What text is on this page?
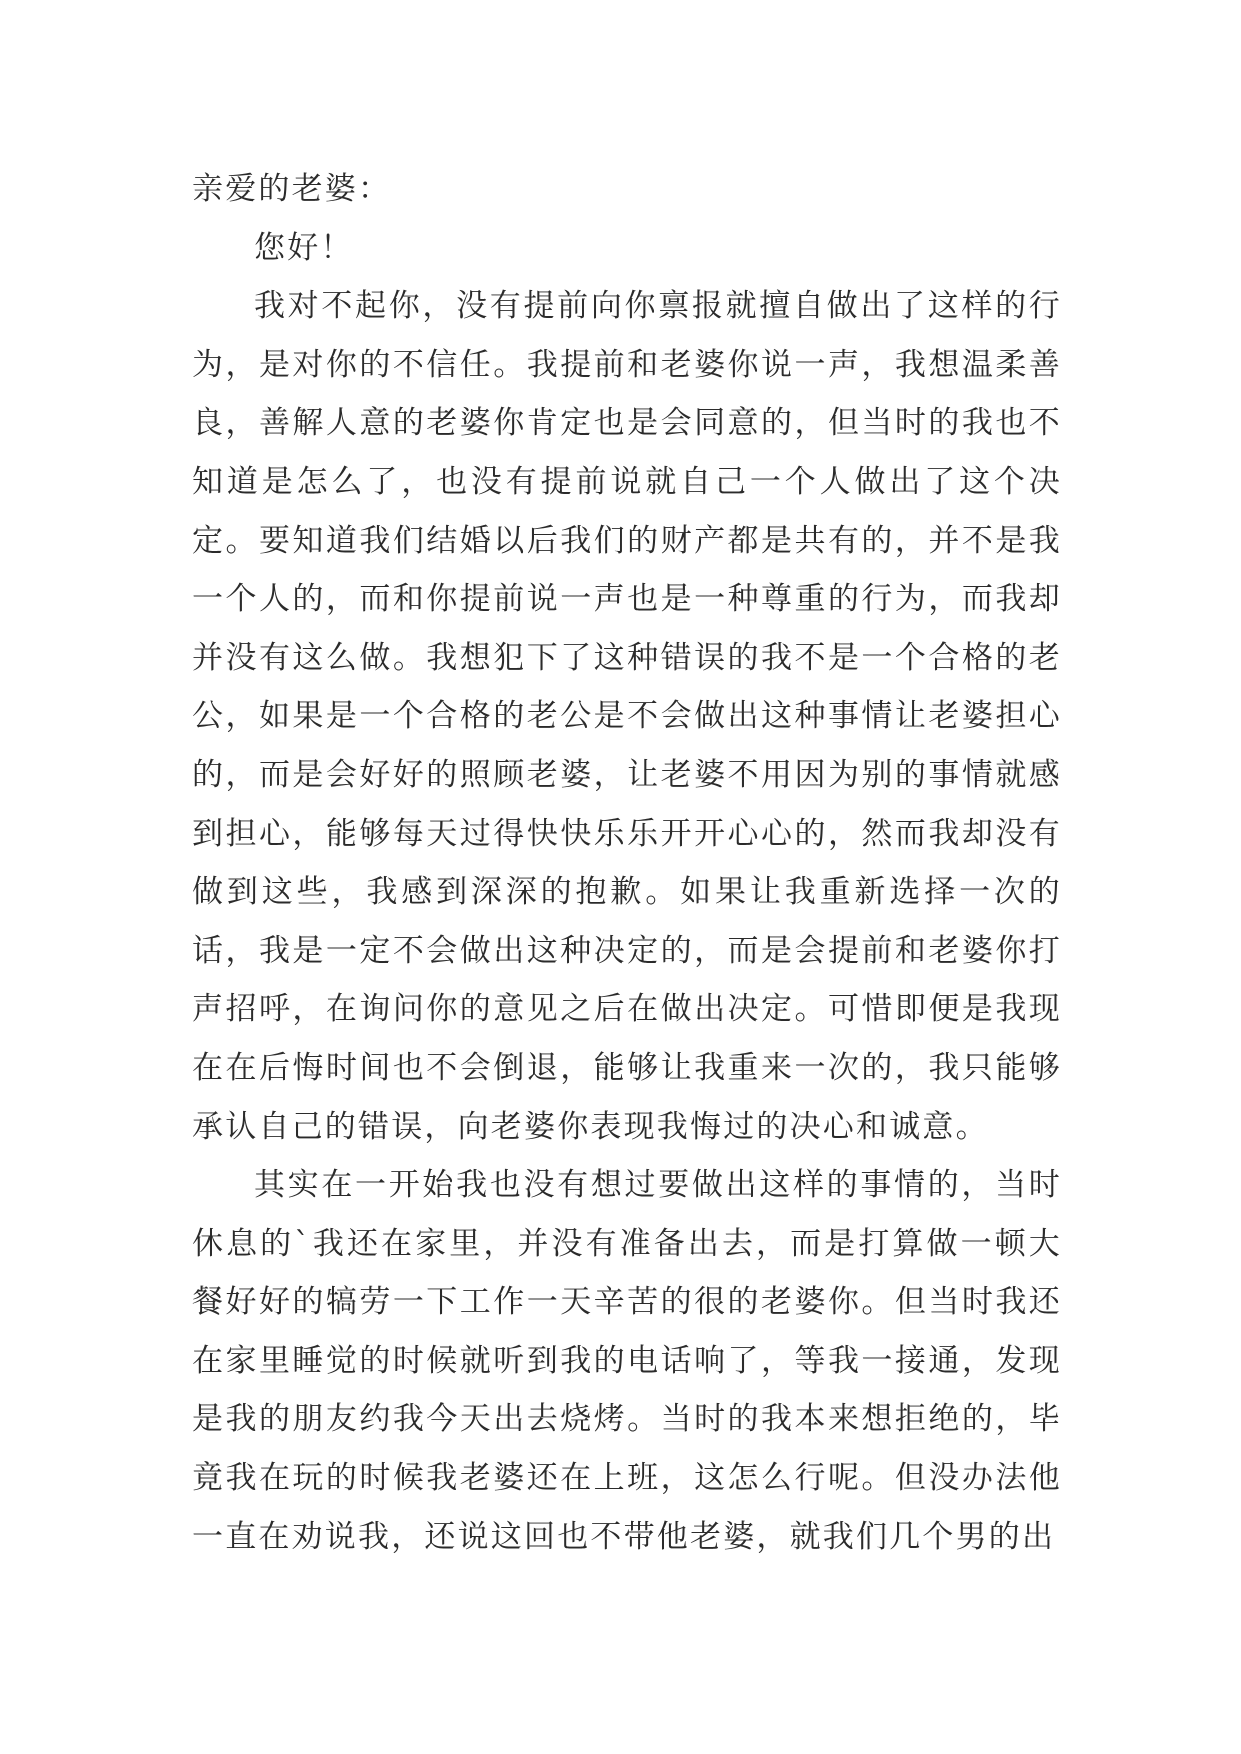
亲爱的老婆：

您好！

我对不起你，没有提前向你禀报就擅自做出了这样的行为，是对你的不信任。我提前和老婆你说一声，我想温柔善良，善解人意的老婆你肯定也是会同意的，但当时的我也不知道是怎么了，也没有提前说就自己一个人做出了这个决定。要知道我们结婚以后我们的财产都是共有的，并不是我一个人的，而和你提前说一声也是一种尊重的行为，而我却并没有这么做。我想犯下了这种错误的我不是一个合格的老公，如果是一个合格的老公是不会做出这种事情让老婆担心的，而是会好好的照顾老婆，让老婆不用因为别的事情就感到担心，能够每天过得快快乐乐开开心心的，然而我却没有做到这些，我感到深深的抱歉。如果让我重新选择一次的话，我是一定不会做出这种决定的，而是会提前和老婆你打声招呼，在询问你的意见之后在做出决定。可惜即便是我现在在后悔时间也不会倒退，能够让我重来一次的，我只能够承认自己的错误，向老婆你表现我悔过的决心和诚意。

其实在一开始我也没有想过要做出这样的事情的，当时休息的`我还在家里，并没有准备出去，而是打算做一顿大餐好好的犒劳一下工作一天辛苦的很的老婆你。但当时我还在家里睡觉的时候就听到我的电话响了，等我一接通，发现是我的朋友约我今天出去烧烤。当时的我本来想拒绝的，毕竟我在玩的时候我老婆还在上班，这怎么行呢。但没办法他一直在劝说我，还说这回也不带他老婆，就我们几个男的出
